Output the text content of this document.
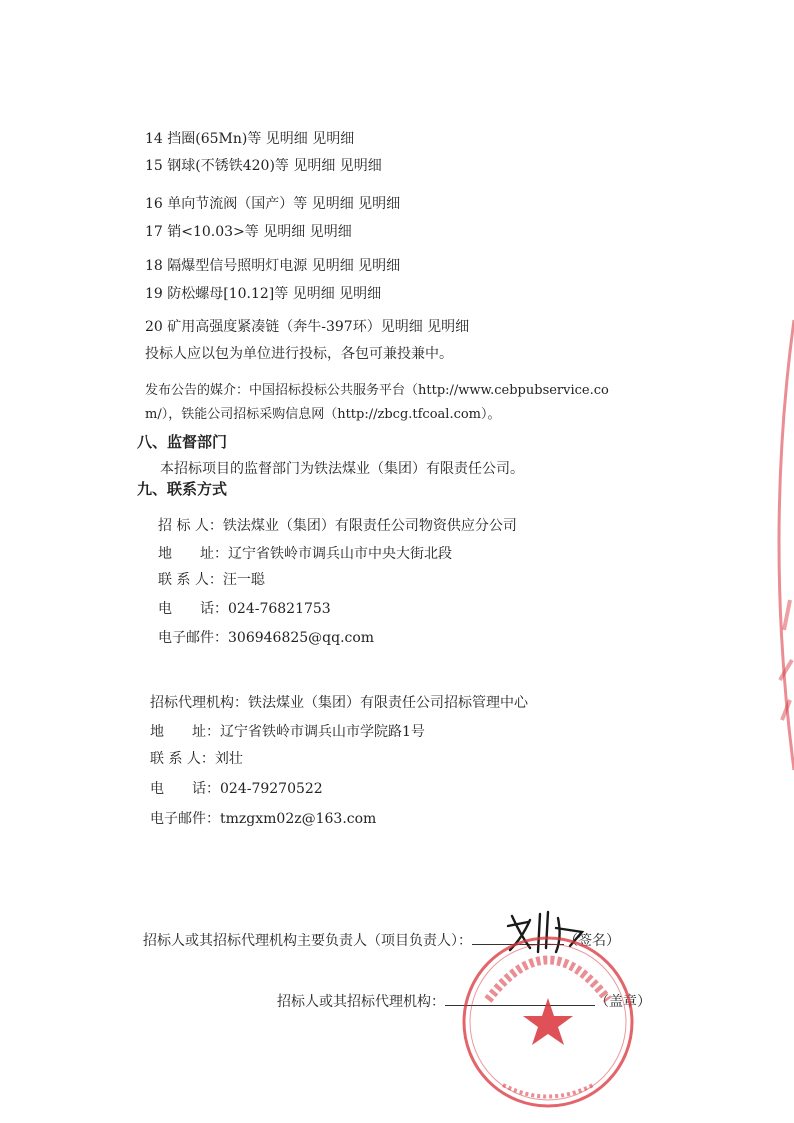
14 挡圈(65Mn)等 见明细 见明细
15 钢球(不锈铁420)等 见明细 见明细
16 单向节流阀（国产）等 见明细 见明细
17 销<10.03>等 见明细 见明细
18 隔爆型信号照明灯电源 见明细 见明细
19 防松螺母[10.12]等 见明细 见明细
20 矿用高强度紧凑链（奔牛-397环）见明细 见明细
投标人应以包为单位进行投标，各包可兼投兼中。
发布公告的媒介：中国招标投标公共服务平台（http://www.cebpubservice.co
m/），铁能公司招标采购信息网（http://zbcg.tfcoal.com）。
八、监督部门
本招标项目的监督部门为铁法煤业（集团）有限责任公司。
九、联系方式
招 标 人：铁法煤业（集团）有限责任公司物资供应分公司
地　　址：辽宁省铁岭市调兵山市中央大街北段
联 系 人：汪一聪
电　　话：024-76821753
电子邮件：306946825@qq.com
招标代理机构：铁法煤业（集团）有限责任公司招标管理中心
地　　址：辽宁省铁岭市调兵山市学院路1号
联 系 人：刘壮
电　　话：024-79270522
电子邮件：tmzgxm02z@163.com
招标人或其招标代理机构主要负责人（项目负责人）：	（签名）
招标人或其招标代理机构：	（盖章）
